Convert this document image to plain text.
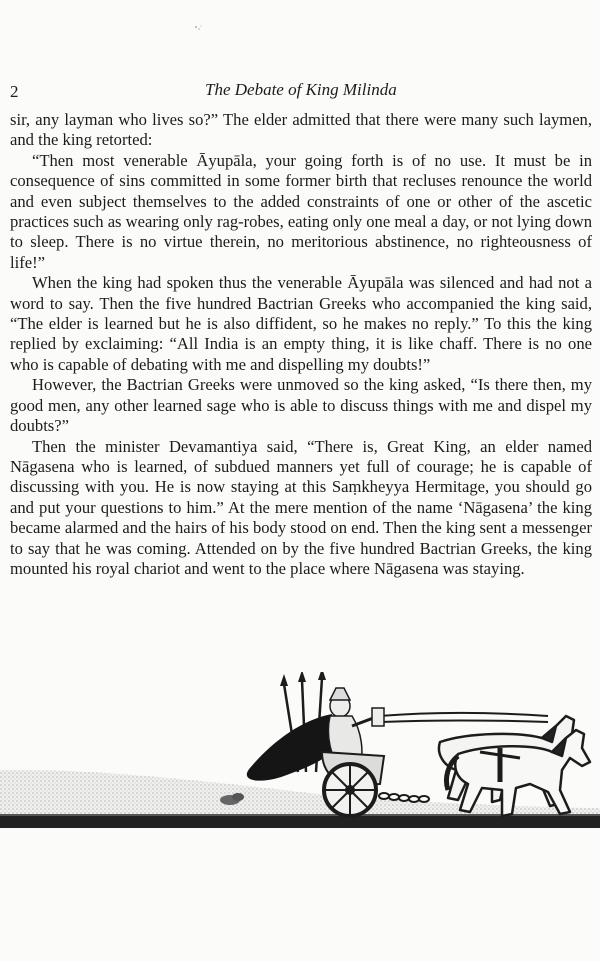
2	The Debate of King Milinda

sir, any layman who lives so?” The elder admitted that there were many such laymen, and the king retorted:

“Then most venerable Āyupāla, your going forth is of no use. It must be in consequence of sins committed in some former birth that recluses renounce the world and even subject themselves to the added constraints of one or other of the ascetic practices such as wearing only rag-robes, eating only one meal a day, or not lying down to sleep. There is no virtue therein, no meritorious abstinence, no righteousness of life!”

When the king had spoken thus the venerable Āyupāla was silenced and had not a word to say. Then the five hundred Bactrian Greeks who accompanied the king said, “The elder is learned but he is also diffident, so he makes no reply.” To this the king replied by exclaiming: “All India is an empty thing, it is like chaff. There is no one who is capable of debating with me and dispelling my doubts!”

However, the Bactrian Greeks were unmoved so the king asked, “Is there then, my good men, any other learned sage who is able to discuss things with me and dispel my doubts?”

Then the minister Devamantiya said, “There is, Great King, an elder named Nāgasena who is learned, of subdued manners yet full of courage; he is capable of discussing with you. He is now staying at this Saṃkheyya Hermitage, you should go and put your questions to him.” At the mere mention of the name ‘Nāgasena’ the king became alarmed and the hairs of his body stood on end. Then the king sent a messenger to say that he was coming. Attended on by the five hundred Bactrian Greeks, the king mounted his royal chariot and went to the place where Nāgasena was staying.
